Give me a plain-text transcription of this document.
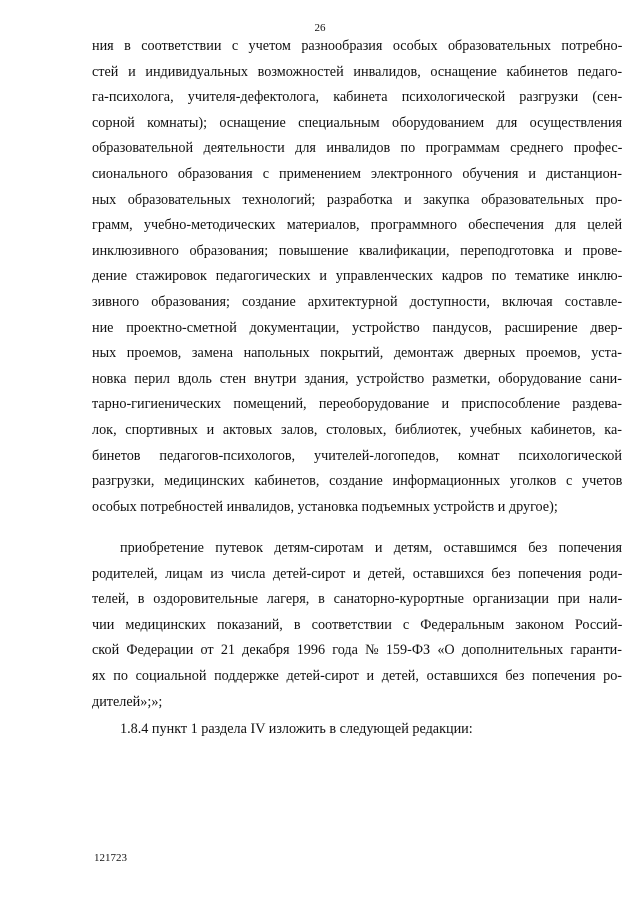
26
ния в соответствии с учетом разнообразия особых образовательных потребно-
стей и индивидуальных возможностей инвалидов, оснащение кабинетов педаго-
га-психолога, учителя-дефектолога, кабинета психологической разгрузки (сен-
сорной комнаты); оснащение специальным оборудованием для осуществления
образовательной деятельности для инвалидов по программам среднего профес-
сионального образования с применением электронного обучения и дистанцион-
ных образовательных технологий; разработка и закупка образовательных про-
грамм, учебно-методических материалов, программного обеспечения для целей
инклюзивного образования; повышение квалификации, переподготовка и прове-
дение стажировок педагогических и управленческих кадров по тематике инклю-
зивного образования; создание архитектурной доступности, включая составле-
ние проектно-сметной документации, устройство пандусов, расширение двер-
ных проемов, замена напольных покрытий, демонтаж дверных проемов, уста-
новка перил вдоль стен внутри здания, устройство разметки, оборудование сани-
тарно-гигиенических помещений, переоборудование и приспособление раздева-
лок, спортивных и актовых залов, столовых, библиотек, учебных кабинетов, ка-
бинетов педагогов-психологов, учителей-логопедов, комнат психологической
разгрузки, медицинских кабинетов, создание информационных уголков с учетов
особых потребностей инвалидов, установка подъемных устройств и другое);
приобретение путевок детям-сиротам и детям, оставшимся без попечения
родителей, лицам из числа детей-сирот и детей, оставшихся без попечения роди-
телей, в оздоровительные лагеря, в санаторно-курортные организации при нали-
чии медицинских показаний, в соответствии с Федеральным законом Россий-
ской Федерации от 21 декабря 1996 года № 159-ФЗ «О дополнительных гаранти-
ях по социальной поддержке детей-сирот и детей, оставшихся без попечения ро-
дителей»;»;
1.8.4 пункт 1 раздела IV изложить в следующей редакции:
121723
